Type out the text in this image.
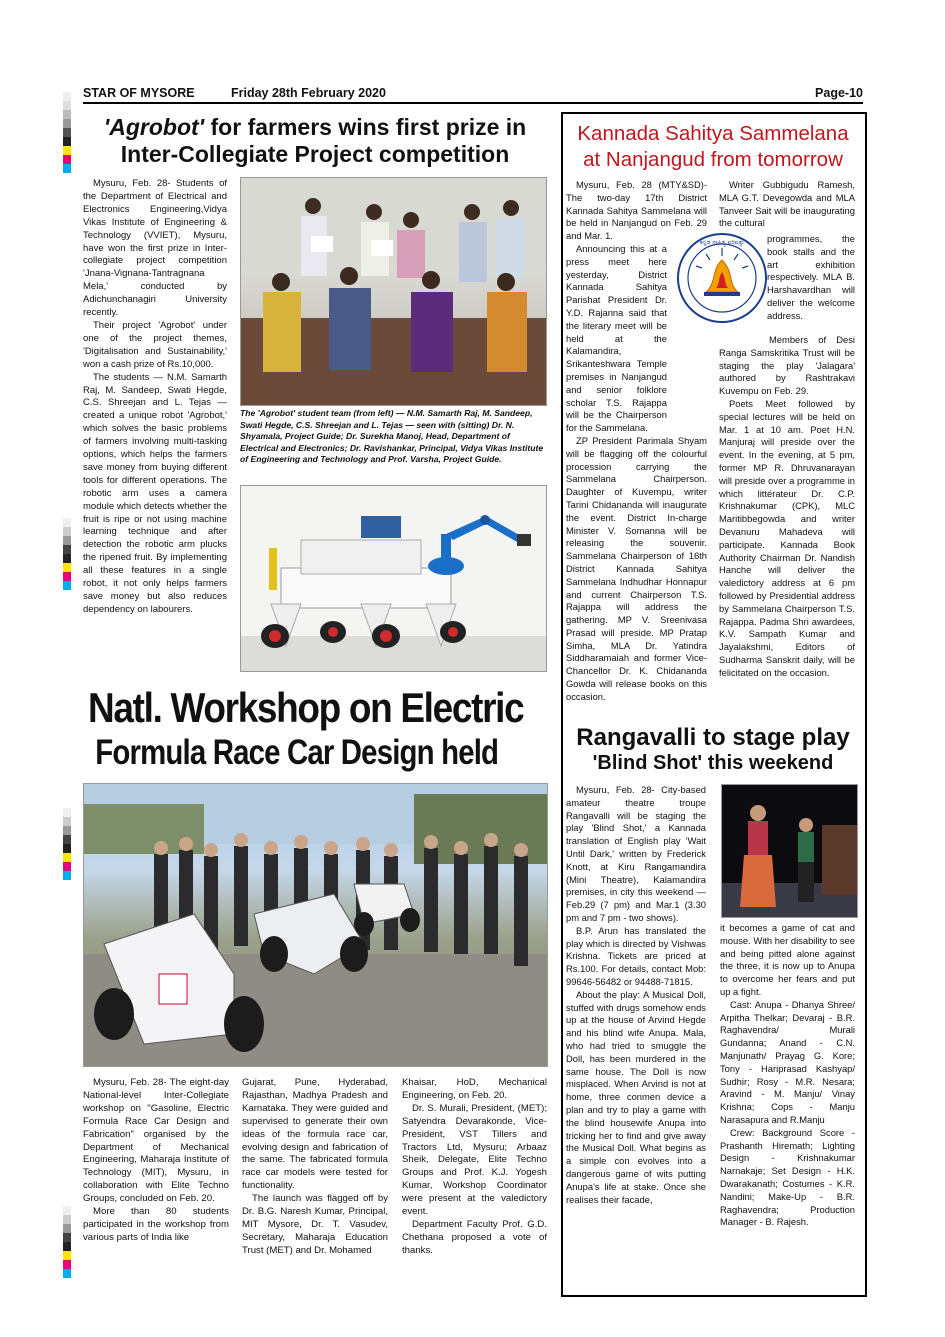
STAR OF MYSORE	Friday 28th February 2020	Page-10
'Agrobot' for farmers wins first prize in
Inter-Collegiate Project competition

Mysuru, Feb. 28- Students of the Department of Electrical and Electronics Engineering,Vidya Vikas Institute of Engineering & Technology (VVIET), Mysuru, have won the first prize in Inter-collegiate project competition 'Jnana-Vignana-Tantragnana Mela,' conducted by Adichunchanagiri University recently.

Their project 'Agrobot' under one of the project themes, 'Digitalisation and Sustainability,' won a cash prize of Rs.10,000.

The students — N.M. Samarth Raj, M. Sandeep, Swati Hegde, C.S. Shreejan and L. Tejas — created a unique robot 'Agrobot,' which solves the basic problems of farmers involving multi-tasking options, which helps the farmers save money from buying different tools for different operations. The robotic arm uses a camera module which detects whether the fruit is ripe or not using machine learning technique and after detection the robotic arm plucks the ripened fruit. By implementing all these features in a single robot, it not only helps farmers save money but also reduces dependency on labourers.

The 'Agrobot' student team (from left) — N.M. Samarth Raj, M. Sandeep, Swati Hegde, C.S. Shreejan and L. Tejas — seen with (sitting) Dr. N. Shyamala, Project Guide; Dr. Surekha Manoj, Head, Department of Electrical and Electronics; Dr. Ravishankar, Principal, Vidya Vikas Institute of Engineering and Technology and Prof. Varsha, Project Guide.
Natl. Workshop on Electric
Formula Race Car Design held

Mysuru, Feb. 28- The eight-day National-level Inter-Collegiate workshop on "Gasoline, Electric Formula Race Car Design and Fabrication" organised by the Department of Mechanical Engineering, Maharaja Institute of Technology (MIT), Mysuru, in collaboration with Elite Techno Groups, concluded on Feb. 20.

More than 80 students participated in the workshop from various parts of India like

Gujarat, Pune, Hyderabad, Rajasthan, Madhya Pradesh and Karnataka. They were guided and supervised to generate their own ideas of the formula race car, evolving design and fabrication of the same. The fabricated formula race car models were tested for functionality.

The launch was flagged off by Dr. B.G. Naresh Kumar, Principal, MIT Mysore, Dr. T. Vasudev, Secretary, Maharaja Education Trust (MET) and Dr. Mohamed

Khaisar, HoD, Mechanical Engineering, on Feb. 20.

Dr. S. Murali, President, (MET); Satyendra Devarakonde, Vice-President, VST Tillers and Tractors Ltd, Mysuru; Arbaaz Sheik, Delegate, Elite Techno Groups and Prof. K.J. Yogesh Kumar, Workshop Coordinator were present at the valedictory event.

Department Faculty Prof. G.D. Chethana proposed a vote of thanks.

Kannada Sahitya Sammelana
at Nanjangud from tomorrow

Mysuru, Feb. 28 (MTY&SD)- The two-day 17th District Kannada Sahitya Sammelana will be held in Nanjangud on Feb. 29 and Mar. 1.

Announcing this at a press meet here yesterday, District Kannada Sahitya Parishat President Dr. Y.D. Rajanna said that the literary meet will be held at the Kalamandira, Srikanteshwara Temple premises in Nanjangud and senior folklore scholar T.S. Rajappa will be the Chairperson for the Sammelana.

ZP President Parimala Shyam will be flagging off the colourful procession carrying the Sammelana Chairperson. Daughter of Kuvempu, writer Tarini Chidananda will inaugurate the event. District In-charge Minister V. Somanna will be releasing the souvenir. Sammelana Chairperson of 16th District Kannada Sahitya Sammelana Indhudhar Honnapur and current Chairperson T.S. Rajappa will address the gathering. MP V. Sreenivasa Prasad will preside. MP Pratap Simha, MLA Dr. Yatindra Siddharamaiah and former Vice-Chancellor Dr. K. Chidananda Gowda will release books on this occasion.

ಕನ್ನಡ ಸಾಹಿತ್ಯ ಪರಿಷತ್ತು

Writer Gubbigudu Ramesh, MLA G.T. Devegowda and MLA Tanveer Sait will be inaugurating the cultural

programmes, the book stalls and the art exhibition respectively. MLA B. Harshavardhan will deliver the welcome address.

Members of Desi Ranga Samskritika Trust will be staging the play 'Jalagara' authored by Rashtrakavi Kuvempu on Feb. 29.

Poets Meet followed by special lectures will be held on Mar. 1 at 10 am. Poet H.N. Manjuraj will preside over the event. In the evening, at 5 pm, former MP R. Dhruvanarayan will preside over a programme in which littérateur Dr. C.P. Krishnakumar (CPK), MLC Maritibbegowda and writer Devanuru Mahadeva will participate. Kannada Book Authority Chairman Dr. Nandish Hanche will deliver the valedictory address at 6 pm followed by Presidential address by Sammelana Chairperson T.S. Rajappa. Padma Shri awardees, K.V. Sampath Kumar and Jayalakshmi, Editors of Sudharma Sanskrit daily, will be felicitated on the occasion.

Rangavalli to stage play
'Blind Shot' this weekend

Mysuru, Feb. 28- City-based amateur theatre troupe Rangavalli will be staging the play 'Blind Shot,' a Kannada translation of English play 'Wait Until Dark,' written by Frederick Knott, at Kiru Rangamandira (Mini Theatre), Kalamandira premises, in city this weekend — Feb.29 (7 pm) and Mar.1 (3.30 pm and 7 pm - two shows).

B.P. Arun has translated the play which is directed by Vishwas Krishna. Tickets are priced at Rs.100. For details, contact Mob: 99646-56482 or 94488-71815.

About the play: A Musical Doll, stuffed with drugs somehow ends up at the house of Arvind Hegde and his blind wife Anupa. Mala, who had tried to smuggle the Doll, has been murdered in the same house. The Doll is now misplaced. When Arvind is not at home, three conmen device a plan and try to play a game with the blind housewife Anupa into tricking her to find and give away the Musical Doll. What begins as a simple con evolves into a dangerous game of wits putting Anupa's life at stake. Once she realises their facade,

it becomes a game of cat and mouse. With her disability to see and being pitted alone against the three, it is now up to Anupa to overcome her fears and put up a fight.

Cast: Anupa - Dhanya Shree/ Arpitha Thelkar; Devaraj - B.R. Raghavendra/ Murali Gundanna; Anand - C.N. Manjunath/ Prayag G. Kore; Tony - Hariprasad Kashyap/ Sudhir; Rosy - M.R. Nesara; Aravind - M. Manju/ Vinay Krishna; Cops - Manju Narasapura and R.Manju

Crew: Background Score - Prashanth Hiremath; Lighting Design - Krishnakumar Narnakaje; Set Design - H.K. Dwarakanath; Costumes - K.R. Nandini; Make-Up - B.R. Raghavendra; Production Manager - B. Rajesh.
